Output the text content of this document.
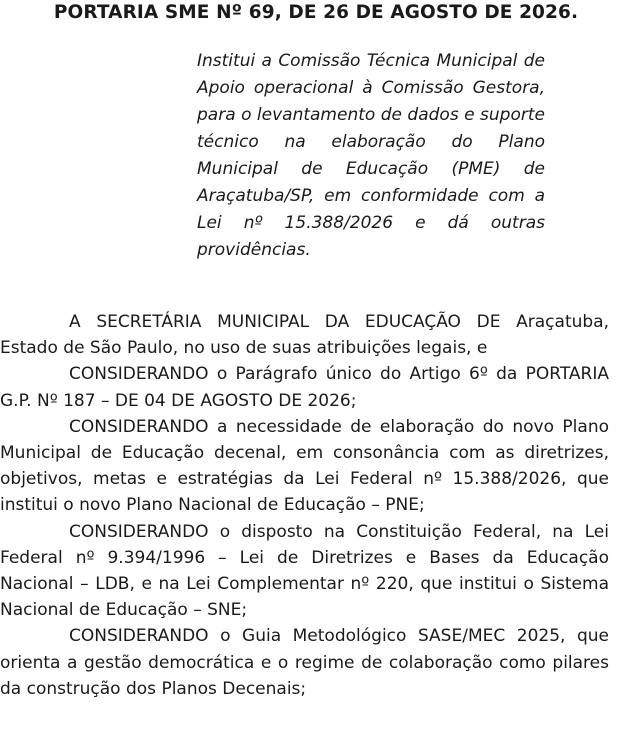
PORTARIA SME Nº 69, DE 26 DE AGOSTO DE 2026.
Institui a Comissão Técnica Municipal de Apoio operacional à Comissão Gestora, para o levantamento de dados e suporte técnico na elaboração do Plano Municipal de Educação (PME) de Araçatuba/SP, em conformidade com a Lei nº 15.388/2026 e dá outras providências.

A SECRETÁRIA MUNICIPAL DA EDUCAÇÃO DE Araçatuba, Estado de São Paulo, no uso de suas atribuições legais, e

CONSIDERANDO o Parágrafo único do Artigo 6º da PORTARIA G.P. Nº 187 – DE 04 DE AGOSTO DE 2026;

CONSIDERANDO a necessidade de elaboração do novo Plano Municipal de Educação decenal, em consonância com as diretrizes, objetivos, metas e estratégias da Lei Federal nº 15.388/2026, que institui o novo Plano Nacional de Educação – PNE;

CONSIDERANDO o disposto na Constituição Federal, na Lei Federal nº 9.394/1996 – Lei de Diretrizes e Bases da Educação Nacional – LDB, e na Lei Complementar nº 220, que institui o Sistema Nacional de Educação – SNE;

CONSIDERANDO o Guia Metodológico SASE/MEC 2025, que orienta a gestão democrática e o regime de colaboração como pilares da construção dos Planos Decenais;
